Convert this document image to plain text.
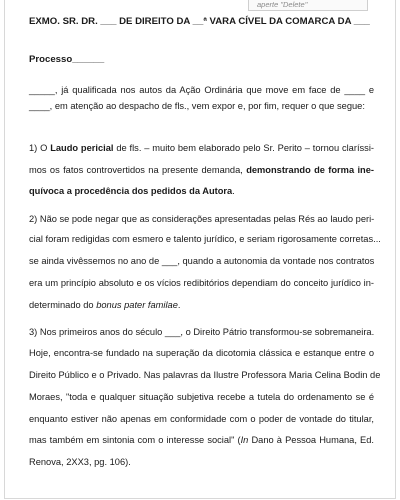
aperte "Delete"

EXMO. SR. DR. ___ DE DIREITO DA __ª VARA CÍVEL DA COMARCA DA ___

Processo______

_____, já qualificada nos autos da Ação Ordinária que move em face de ____ e

____, em atenção ao despacho de fls., vem expor e, por fim, requer o que segue:

1) O Laudo pericial de fls. – muito bem elaborado pelo Sr. Perito – tornou claríssi-

mos os fatos controvertidos na presente demanda, demonstrando de forma ine-

quívoca a procedência dos pedidos da Autora.

2) Não se pode negar que as considerações apresentadas pelas Rés ao laudo peri-

cial foram redigidas com esmero e talento jurídico, e seriam rigorosamente corretas...

se ainda vivêssemos no ano de ___, quando a autonomia da vontade nos contratos

era um princípio absoluto e os vícios redibitórios dependiam do conceito jurídico in-

determinado do bonus pater familae.

3) Nos primeiros anos do século ___, o Direito Pátrio transformou-se sobremaneira.

Hoje, encontra-se fundado na superação da dicotomia clássica e estanque entre o

Direito Público e o Privado. Nas palavras da Ilustre Professora Maria Celina Bodin de

Moraes, "toda e qualquer situação subjetiva recebe a tutela do ordenamento se é

enquanto estiver não apenas em conformidade com o poder de vontade do titular,

mas também em sintonia com o interesse social" (In Dano à Pessoa Humana, Ed.

Renova, 2XX3, pg. 106).
